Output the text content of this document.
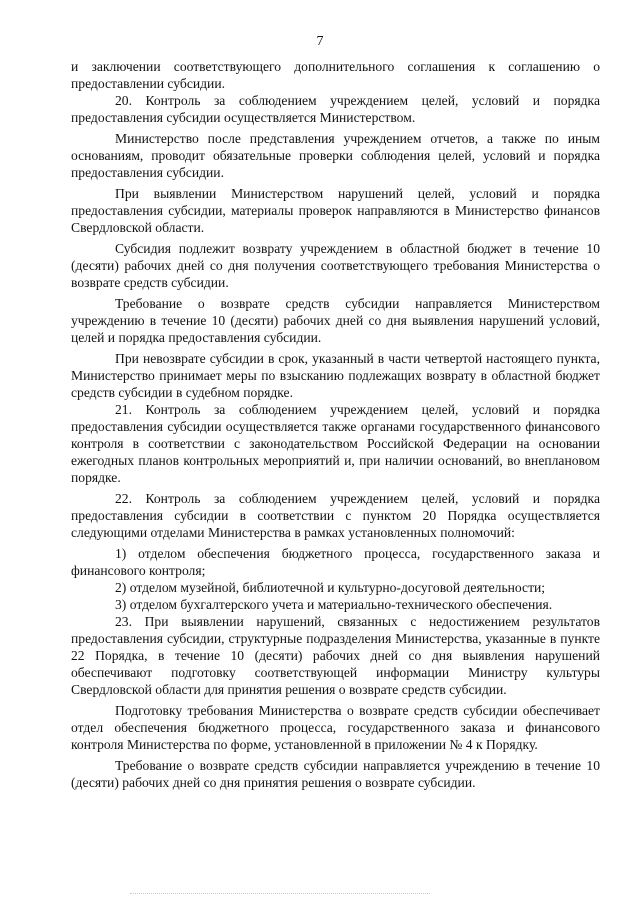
7

и заключении соответствующего дополнительного соглашения к соглашению о предоставлении субсидии.

20. Контроль за соблюдением учреждением целей, условий и порядка предоставления субсидии осуществляется Министерством.

Министерство после представления учреждением отчетов, а также по иным основаниям, проводит обязательные проверки соблюдения целей, условий и порядка предоставления субсидии.

При выявлении Министерством нарушений целей, условий и порядка предоставления субсидии, материалы проверок направляются в Министерство финансов Свердловской области.

Субсидия подлежит возврату учреждением в областной бюджет в течение 10 (десяти) рабочих дней со дня получения соответствующего требования Министерства о возврате средств субсидии.

Требование о возврате средств субсидии направляется Министерством учреждению в течение 10 (десяти) рабочих дней со дня выявления нарушений условий, целей и порядка предоставления субсидии.

При невозврате субсидии в срок, указанный в части четвертой настоящего пункта, Министерство принимает меры по взысканию подлежащих возврату в областной бюджет средств субсидии в судебном порядке.

21. Контроль за соблюдением учреждением целей, условий и порядка предоставления субсидии осуществляется также органами государственного финансового контроля в соответствии с законодательством Российской Федерации на основании ежегодных планов контрольных мероприятий и, при наличии оснований, во внеплановом порядке.

22. Контроль за соблюдением учреждением целей, условий и порядка предоставления субсидии в соответствии с пунктом 20 Порядка осуществляется следующими отделами Министерства в рамках установленных полномочий:

1) отделом обеспечения бюджетного процесса, государственного заказа и финансового контроля;

2) отделом музейной, библиотечной и культурно-досуговой деятельности;

3) отделом бухгалтерского учета и материально-технического обеспечения.

23. При выявлении нарушений, связанных с недостижением результатов предоставления субсидии, структурные подразделения Министерства, указанные в пункте 22 Порядка, в течение 10 (десяти) рабочих дней со дня выявления нарушений обеспечивают подготовку соответствующей информации Министру культуры Свердловской области для принятия решения о возврате средств субсидии.

Подготовку требования Министерства о возврате средств субсидии обеспечивает отдел обеспечения бюджетного процесса, государственного заказа и финансового контроля Министерства по форме, установленной в приложении № 4 к Порядку.

Требование о возврате средств субсидии направляется учреждению в течение 10 (десяти) рабочих дней со дня принятия решения о возврате субсидии.
